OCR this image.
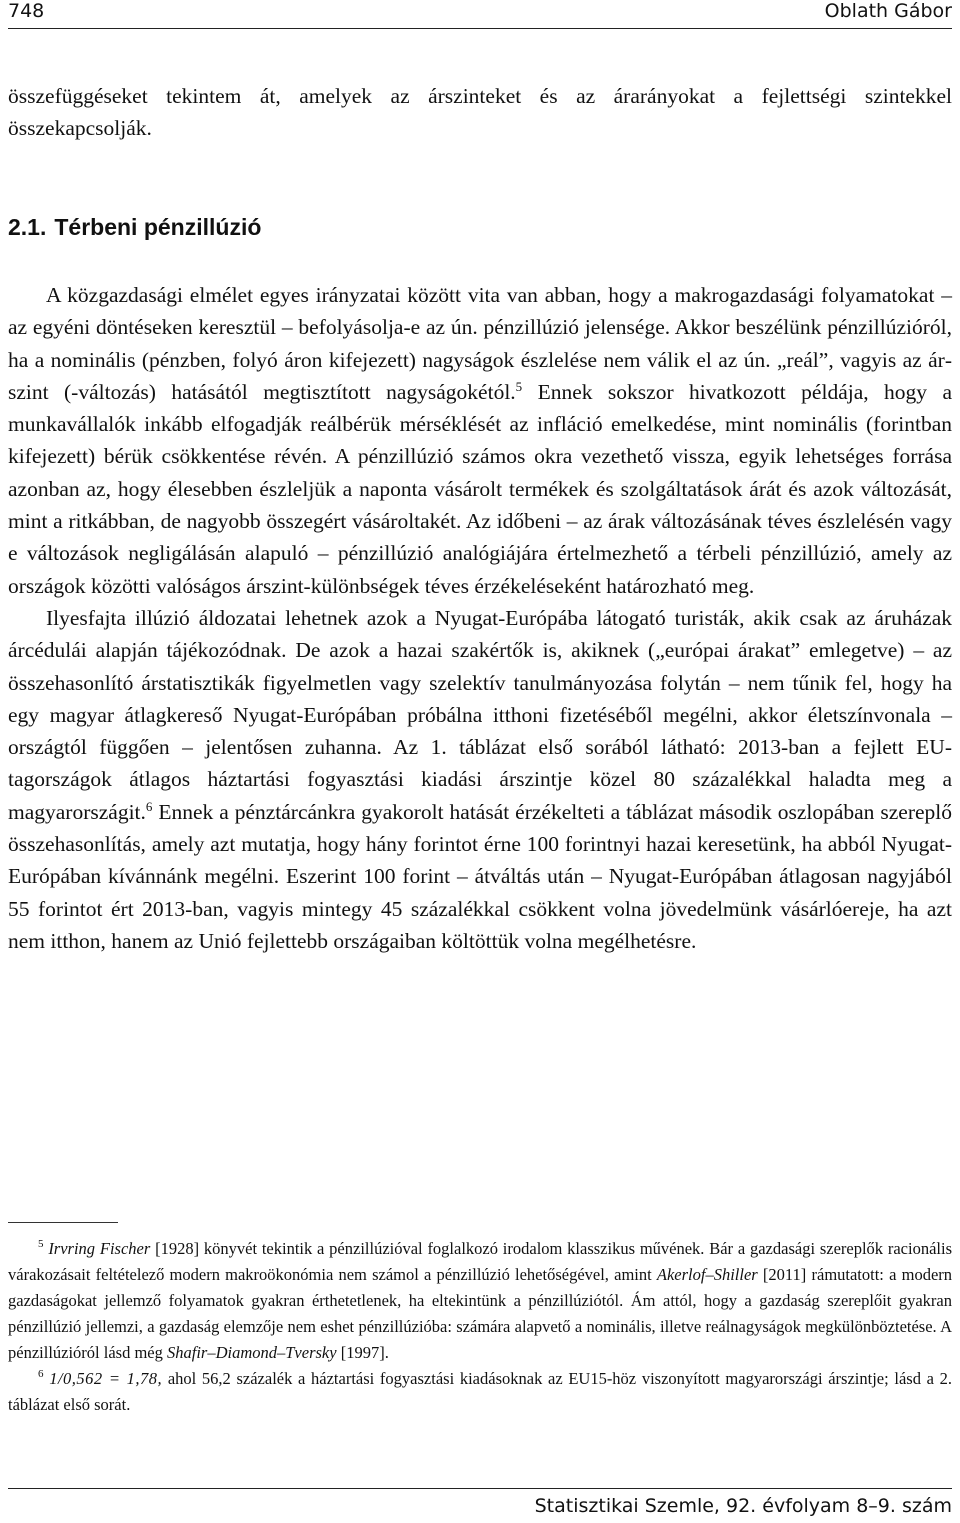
748	Oblath Gábor

összefüggéseket tekintem át, amelyek az árszinteket és az árarányokat a fejlettségi szintekkel összekapcsolják.

2.1. Térbeni pénzillúzió

A közgazdasági elmélet egyes irányzatai között vita van abban, hogy a makrogazdasági folyamatokat – az egyéni döntéseken keresztül – befolyásolja-e az ún. pénzillúzió jelensége. Akkor beszélünk pénzillúzióról, ha a nominális (pénzben, folyó áron kifejezett) nagyságok észlelése nem válik el az ún. „reál”, vagyis az árszint (-változás) hatásától megtisztított nagyságokétól.$^5$ Ennek sokszor hivatkozott példája, hogy a munkavállalók inkább elfogadják reálbérük mérséklését az infláció emelkedése, mint nominális (forintban kifejezett) bérük csökkentése révén. A pénzillúzió számos okra vezethető vissza, egyik lehetséges forrása azonban az, hogy élesebben észleljük a naponta vásárolt termékek és szolgáltatások árát és azok változását, mint a ritkábban, de nagyobb összegért vásároltakét. Az időbeni – az árak változásának téves észlelésén vagy e változások negligálásán alapuló – pénzillúzió analógiájára értelmezhető a térbeli pénzillúzió, amely az országok közötti valóságos árszint-különbségek téves érzékeléseként határozható meg.

Ilyesfajta illúzió áldozatai lehetnek azok a Nyugat-Európába látogató turisták, akik csak az áruházak árcédulái alapján tájékozódnak. De azok a hazai szakértők is, akiknek („európai árakat” emlegetve) – az összehasonlító árstatisztikák figyelmetlen vagy szelektív tanulmányozása folytán – nem tűnik fel, hogy ha egy magyar átlagkereső Nyugat-Európában próbálna itthoni fizetéséből megélni, akkor életszínvonala – országtól függően – jelentősen zuhanna. Az 1. táblázat első sorából látható: 2013-ban a fejlett EU-tagországok átlagos háztartási fogyasztási kiadási árszintje közel 80 százalékkal haladta meg a magyarországit.$^6$ Ennek a pénztárcánkra gyakorolt hatását érzékelteti a táblázat második oszlopában szereplő összehasonlítás, amely azt mutatja, hogy hány forintot érne 100 forintnyi hazai keresetünk, ha abból Nyugat-Európában kívánnánk megélni. Eszerint 100 forint – átváltás után – Nyugat-Európában átlagosan nagyjából 55 forintot ért 2013-ban, vagyis mintegy 45 százalékkal csökkent volna jövedelmünk vásárlóereje, ha azt nem itthon, hanem az Unió fejlettebb országaiban költöttük volna megélhetésre.

$^5$ Irvring Fischer [1928] könyvét tekintik a pénzillúzióval foglalkozó irodalom klasszikus művének. Bár a gazdasági szereplők racionális várakozásait feltételező modern makroökonómia nem számol a pénzillúzió lehetőségével, amint Akerlof–Shiller [2011] rámutatott: a modern gazdaságokat jellemző folyamatok gyakran érthetetlenek, ha eltekintünk a pénzillúziótól. Ám attól, hogy a gazdaság szereplőit gyakran pénzillúzió jellemzi, a gazdaság elemzője nem eshet pénzillúzióba: számára alapvető a nominális, illetve reálnagyságok megkülönböztetése. A pénzillúzióról lásd még Shafir–Diamond–Tversky [1997].

$^6$ 1/0,562 = 1,78, ahol 56,2 százalék a háztartási fogyasztási kiadásoknak az EU15-höz viszonyított magyarországi árszintje; lásd a 2. táblázat első sorát.

Statisztikai Szemle, 92. évfolyam 8–9. szám
